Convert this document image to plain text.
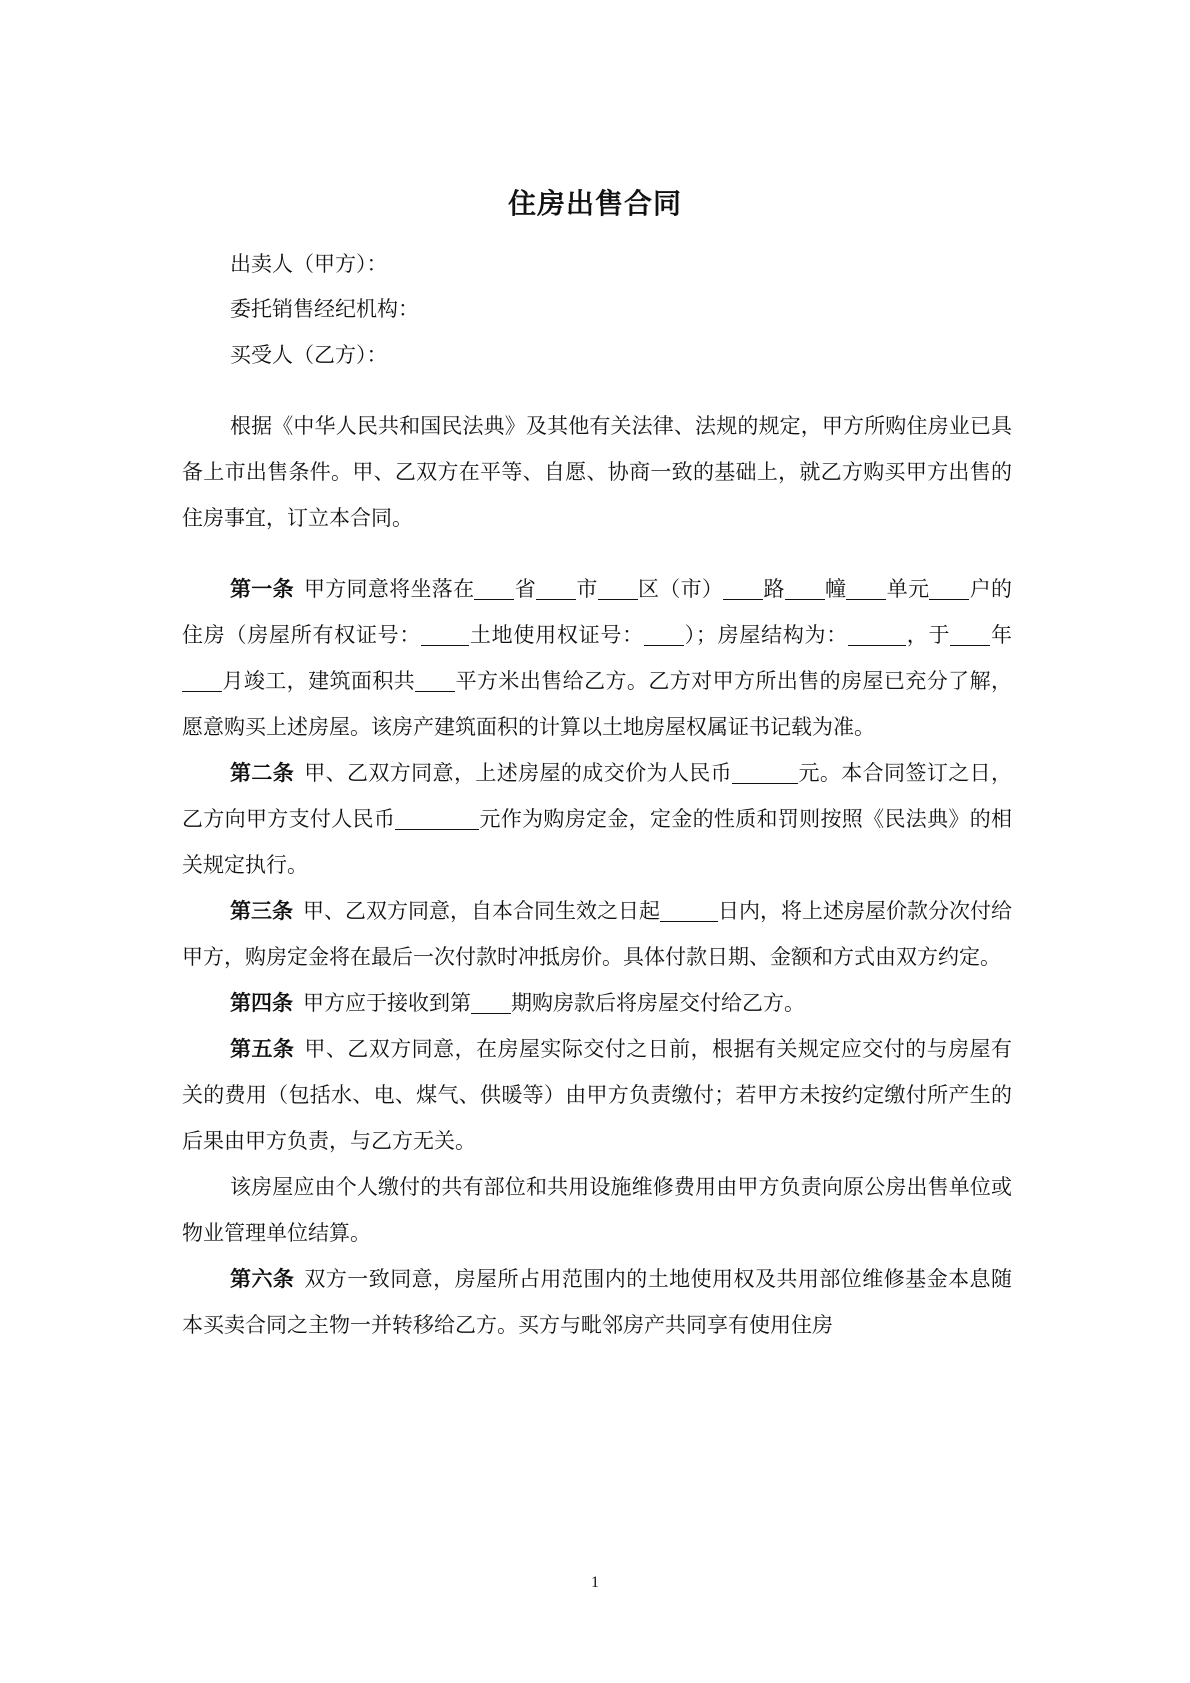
住房出售合同
出卖人（甲方）：
委托销售经纪机构：
买受人（乙方）：

根据《中华人民共和国民法典》及其他有关法律、法规的规定，甲方所购住房业已具备上市出售条件。甲、乙双方在平等、自愿、协商一致的基础上，就乙方购买甲方出售的住房事宜，订立本合同。

第一条 甲方同意将坐落在 省 市 区（市） 路 幢 单元 户的住房（房屋所有权证号： 土地使用权证号： ）；房屋结构为：	，于 年月竣工，建筑面积共 平方米出售给乙方。乙方对甲方所出售的房屋已充分了解，愿意购买上述房屋。该房产建筑面积的计算以土地房屋权属证书记载为准。

第二条 甲、乙双方同意，上述房屋的成交价为人民币	元。本合同签订之日，乙方向甲方支付人民币	元作为购房定金，定金的性质和罚则按照《民法典》的相关规定执行。

第三条 甲、乙双方同意，自本合同生效之日起	日内，将上述房屋价款分次付给甲方，购房定金将在最后一次付款时冲抵房价。具体付款日期、金额和方式由双方约定。

第四条 甲方应于接收到第 期购房款后将房屋交付给乙方。

第五条 甲、乙双方同意，在房屋实际交付之日前，根据有关规定应交付的与房屋有关的费用（包括水、电、煤气、供暖等）由甲方负责缴付；若甲方未按约定缴付所产生的后果由甲方负责，与乙方无关。

该房屋应由个人缴付的共有部位和共用设施维修费用由甲方负责向原公房出售单位或物业管理单位结算。

第六条 双方一致同意，房屋所占用范围内的土地使用权及共用部位维修基金本息随本买卖合同之主物一并转移给乙方。买方与毗邻房产共同享有使用住房

1
